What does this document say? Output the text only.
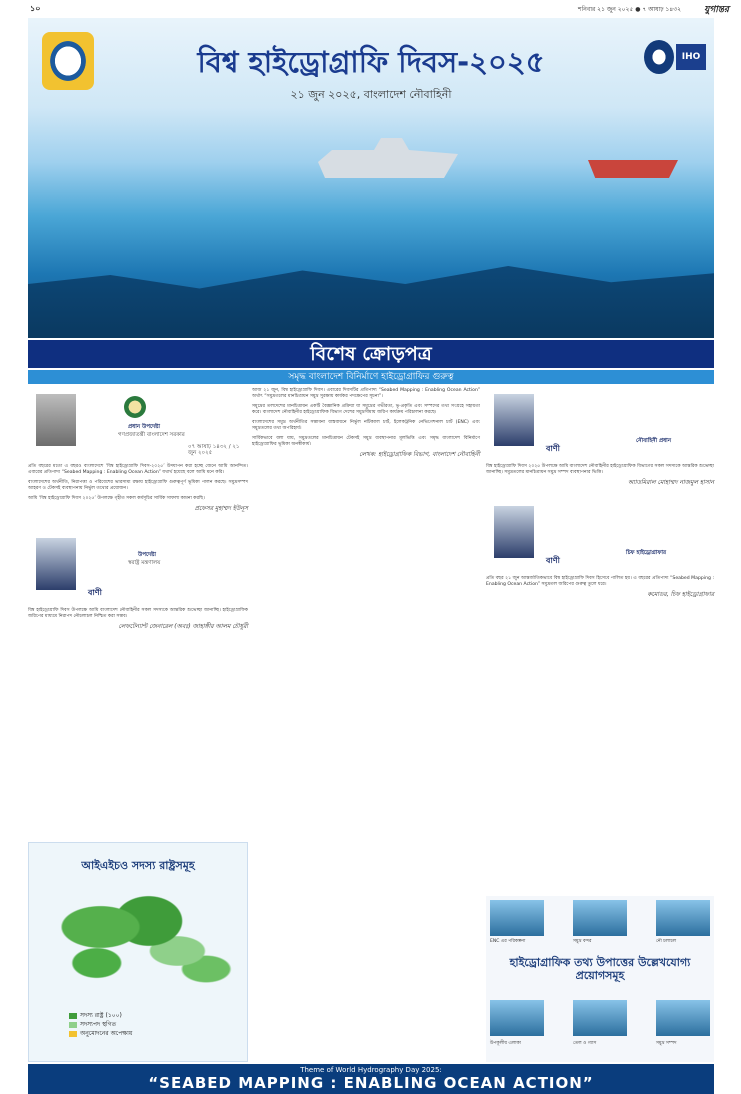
১০	শনিবার ২১ জুন ২০২৫ ● ৭ আষাঢ় ১৪৩২	যুগান্তর
IHO
বিশ্ব হাইড্রোগ্রাফি দিবস-২০২৫
২১ জুন ২০২৫, বাংলাদেশ নৌবাহিনী
বিশেষ ক্রোড়পত্র
সমৃদ্ধ বাংলাদেশ বিনির্মাণে হাইড্রোগ্রাফির গুরুত্ব
প্রধান উপদেষ্টা
গণপ্রজাতন্ত্রী বাংলাদেশ সরকার
০৭ আষাঢ় ১৪৩২ / ২১ জুন ২০২৫

প্রতি বছরের মতো এ বছরও বাংলাদেশে ‘বিশ্ব হাইড্রোগ্রাফি দিবস-২০২৫’ উদযাপন করা হচ্ছে জেনে আমি আনন্দিত। এবারের প্রতিপাদ্য “Seabed Mapping : Enabling Ocean Action” যথার্থ হয়েছে বলে আমি মনে করি।

বাংলাদেশের অর্থনীতি, নিরাপত্তা ও পরিবেশের ভারসাম্য রক্ষায় হাইড্রোগ্রাফি গুরুত্বপূর্ণ ভূমিকা পালন করছে। সমুদ্রসম্পদ আহরণ ও টেকসই ব্যবস্থাপনায় নির্ভুল তথ্যের প্রয়োজন।

আমি ‘বিশ্ব হাইড্রোগ্রাফি দিবস ২০২৫’ উপলক্ষে গৃহীত সকল কর্মসূচির সার্বিক সাফল্য কামনা করছি।

প্রফেসর মুহাম্মদ ইউনূস
উপদেষ্টা
স্বরাষ্ট্র মন্ত্রণালয়
বাণী

বিশ্ব হাইড্রোগ্রাফি দিবস উপলক্ষে আমি বাংলাদেশ নৌবাহিনীর সকল সদস্যকে আন্তরিক শুভেচ্ছা জানাচ্ছি। হাইড্রোগ্রাফিক জরিপের মাধ্যমে নিরাপদ নৌচলাচল নিশ্চিত করা সম্ভব।

লেফটেন্যান্ট জেনারেল (অবঃ) জাহাঙ্গীর আলম চৌধুরী

আজ ২১ জুন, বিশ্ব হাইড্রোগ্রাফি দিবস। এবারের দিবসটির প্রতিপাদ্য “Seabed Mapping : Enabling Ocean Action” অর্থাৎ “সমুদ্রতলের মানচিত্রায়ন সমুদ্র সুরক্ষায় কার্যকর পদক্ষেপের সূচনা”।

সমুদ্রের তলদেশের মানচিত্রায়ন একটি বৈজ্ঞানিক প্রক্রিয়া যা সমুদ্রের গভীরতা, ভূ-প্রকৃতি এবং সম্পদের তথ্য সংগ্রহে সহায়তা করে। বাংলাদেশ নৌবাহিনীর হাইড্রোগ্রাফিক বিভাগ দেশের সমুদ্রসীমায় জরিপ কার্যক্রম পরিচালনা করছে।

বাংলাদেশের সমুদ্র অর্থনীতির সম্ভাবনা বাস্তবায়নে নির্ভুল নটিক্যাল চার্ট, ইলেকট্রনিক নেভিগেশনাল চার্ট (ENC) এবং সমুদ্রতলের তথ্য অপরিহার্য।

সার্বিকভাবে বলা যায়, সমুদ্রতলের মানচিত্রায়ন টেকসই সমুদ্র ব্যবস্থাপনার মূলভিত্তি এবং সমৃদ্ধ বাংলাদেশ বিনির্মাণে হাইড্রোগ্রাফির ভূমিকা অনস্বীকার্য।

লেখক: হাইড্রোগ্রাফিক বিভাগ, বাংলাদেশ নৌবাহিনী
নৌবাহিনী প্রধান
বাণী

বিশ্ব হাইড্রোগ্রাফি দিবস ২০২৫ উপলক্ষে আমি বাংলাদেশ নৌবাহিনীর হাইড্রোগ্রাফিক বিভাগের সকল সদস্যকে আন্তরিক শুভেচ্ছা জানাচ্ছি। সমুদ্রতলের মানচিত্রায়ন সমুদ্র সম্পদ ব্যবস্থাপনার ভিত্তি।

অ্যাডমিরাল মোহাম্মদ নাজমুল হাসান
চিফ হাইড্রোগ্রাফার
বাণী

প্রতি বছর ২১ জুন আন্তর্জাতিকভাবে বিশ্ব হাইড্রোগ্রাফি দিবস হিসেবে পালিত হয়। এ বছরের প্রতিপাদ্য “Seabed Mapping : Enabling Ocean Action” সমুদ্রতল জরিপের গুরুত্ব তুলে ধরে।

কমোডর, চিফ হাইড্রোগ্রাফার
আইএইচও সদস্য রাষ্ট্রসমূহ
সদস্য রাষ্ট্র (১০০)
সদস্যপদ স্থগিত
অনুমোদনের অপেক্ষায়
ENC এর পরিকল্পনা	সমুদ্র বন্দর	নৌ চলাচল
হাইড্রোগ্রাফিক তথ্য উপাত্তের উল্লেখযোগ্য প্রয়োগসমূহ
উপকূলীয় এলাকা	তেল ও গ্যাস	সমুদ্র সম্পদ
Theme of World Hydrography Day 2025:
“SEABED MAPPING : ENABLING OCEAN ACTION”
